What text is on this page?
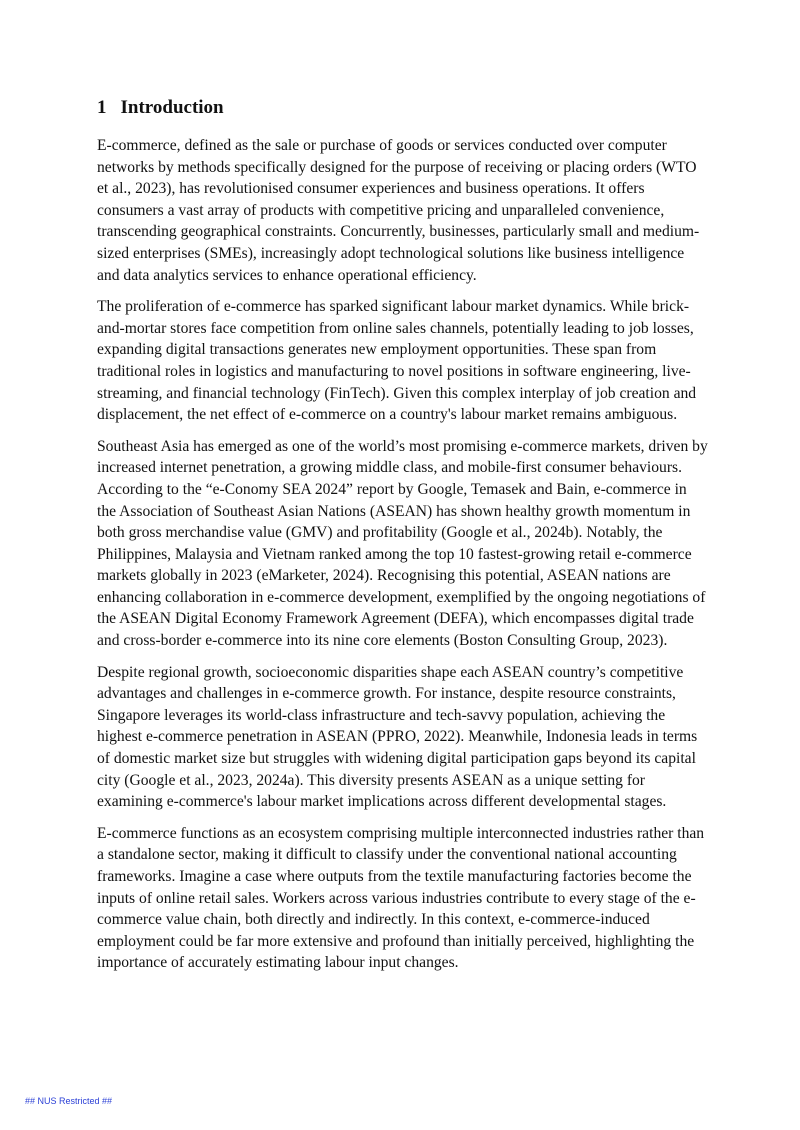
1 Introduction

E-commerce, defined as the sale or purchase of goods or services conducted over computer networks by methods specifically designed for the purpose of receiving or placing orders (WTO et al., 2023), has revolutionised consumer experiences and business operations. It offers consumers a vast array of products with competitive pricing and unparalleled convenience, transcending geographical constraints. Concurrently, businesses, particularly small and medium-sized enterprises (SMEs), increasingly adopt technological solutions like business intelligence and data analytics services to enhance operational efficiency.

The proliferation of e-commerce has sparked significant labour market dynamics. While brick-and-mortar stores face competition from online sales channels, potentially leading to job losses, expanding digital transactions generates new employment opportunities. These span from traditional roles in logistics and manufacturing to novel positions in software engineering, live-streaming, and financial technology (FinTech). Given this complex interplay of job creation and displacement, the net effect of e-commerce on a country's labour market remains ambiguous.

Southeast Asia has emerged as one of the world’s most promising e-commerce markets, driven by increased internet penetration, a growing middle class, and mobile-first consumer behaviours. According to the “e-Conomy SEA 2024” report by Google, Temasek and Bain, e-commerce in the Association of Southeast Asian Nations (ASEAN) has shown healthy growth momentum in both gross merchandise value (GMV) and profitability (Google et al., 2024b). Notably, the Philippines, Malaysia and Vietnam ranked among the top 10 fastest-growing retail e-commerce markets globally in 2023 (eMarketer, 2024). Recognising this potential, ASEAN nations are enhancing collaboration in e-commerce development, exemplified by the ongoing negotiations of the ASEAN Digital Economy Framework Agreement (DEFA), which encompasses digital trade and cross-border e-commerce into its nine core elements (Boston Consulting Group, 2023).

Despite regional growth, socioeconomic disparities shape each ASEAN country’s competitive advantages and challenges in e-commerce growth. For instance, despite resource constraints, Singapore leverages its world-class infrastructure and tech-savvy population, achieving the highest e-commerce penetration in ASEAN (PPRO, 2022). Meanwhile, Indonesia leads in terms of domestic market size but struggles with widening digital participation gaps beyond its capital city (Google et al., 2023, 2024a). This diversity presents ASEAN as a unique setting for examining e-commerce's labour market implications across different developmental stages.

E-commerce functions as an ecosystem comprising multiple interconnected industries rather than a standalone sector, making it difficult to classify under the conventional national accounting frameworks. Imagine a case where outputs from the textile manufacturing factories become the inputs of online retail sales. Workers across various industries contribute to every stage of the e-commerce value chain, both directly and indirectly. In this context, e-commerce-induced employment could be far more extensive and profound than initially perceived, highlighting the importance of accurately estimating labour input changes.

## NUS Restricted ##
